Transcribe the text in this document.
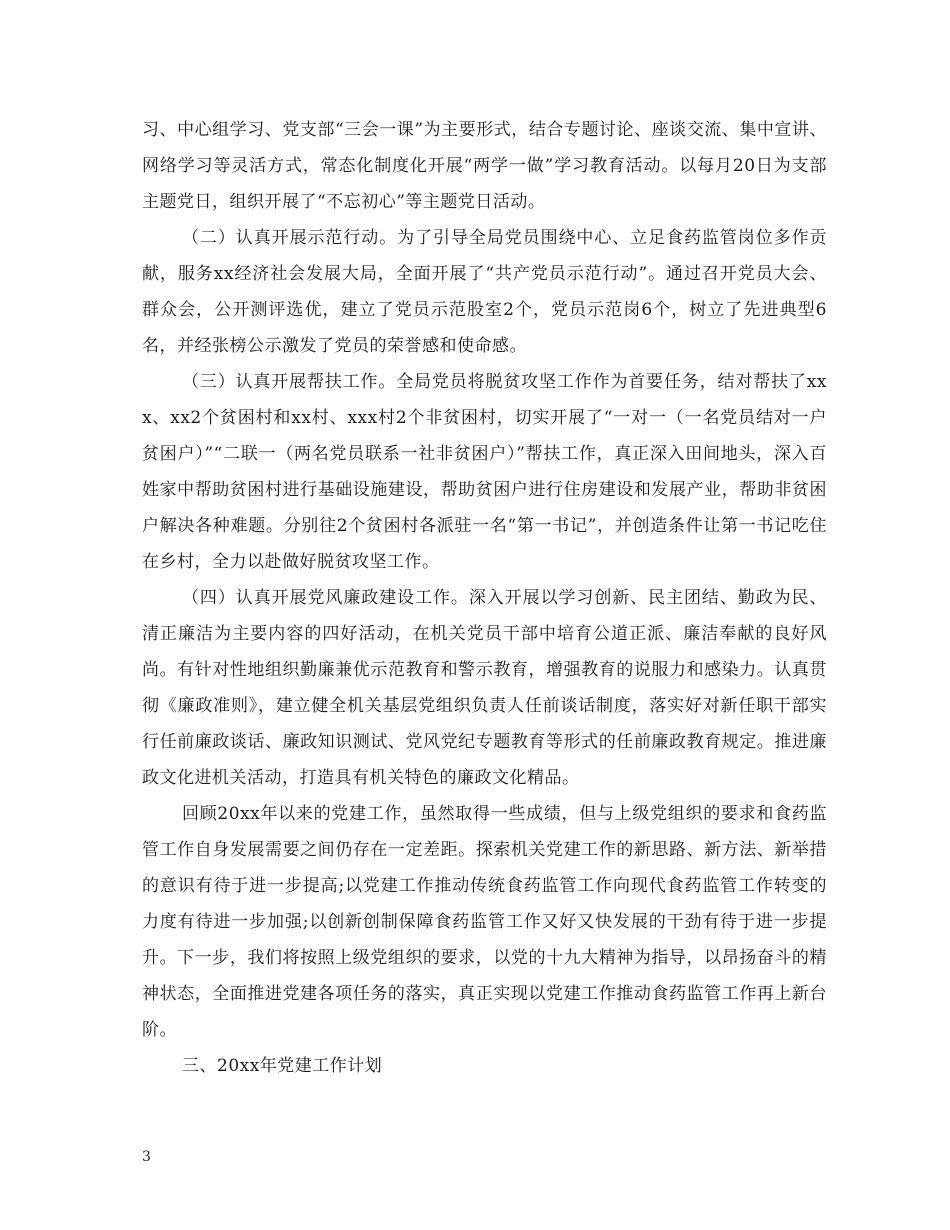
习、中心组学习、党支部“三会一课”为主要形式，结合专题讨论、座谈交流、集中宣讲、网络学习等灵活方式，常态化制度化开展“两学一做”学习教育活动。以每月20日为支部主题党日，组织开展了“不忘初心”等主题党日活动。

（二）认真开展示范行动。为了引导全局党员围绕中心、立足食药监管岗位多作贡献，服务xx经济社会发展大局，全面开展了“共产党员示范行动”。通过召开党员大会、群众会，公开测评选优，建立了党员示范股室2个，党员示范岗6个，树立了先进典型6名，并经张榜公示激发了党员的荣誉感和使命感。

（三）认真开展帮扶工作。全局党员将脱贫攻坚工作作为首要任务，结对帮扶了xxx、xx2个贫困村和xx村、xxx村2个非贫困村，切实开展了“一对一（一名党员结对一户贫困户）”“二联一（两名党员联系一社非贫困户）”帮扶工作，真正深入田间地头，深入百姓家中帮助贫困村进行基础设施建设，帮助贫困户进行住房建设和发展产业，帮助非贫困户解决各种难题。分别往2个贫困村各派驻一名“第一书记”，并创造条件让第一书记吃住在乡村，全力以赴做好脱贫攻坚工作。

（四）认真开展党风廉政建设工作。深入开展以学习创新、民主团结、勤政为民、清正廉洁为主要内容的四好活动，在机关党员干部中培育公道正派、廉洁奉献的良好风尚。有针对性地组织勤廉兼优示范教育和警示教育，增强教育的说服力和感染力。认真贯彻《廉政准则》，建立健全机关基层党组织负责人任前谈话制度，落实好对新任职干部实行任前廉政谈话、廉政知识测试、党风党纪专题教育等形式的任前廉政教育规定。推进廉政文化进机关活动，打造具有机关特色的廉政文化精品。

回顾20xx年以来的党建工作，虽然取得一些成绩，但与上级党组织的要求和食药监管工作自身发展需要之间仍存在一定差距。探索机关党建工作的新思路、新方法、新举措的意识有待于进一步提高;以党建工作推动传统食药监管工作向现代食药监管工作转变的力度有待进一步加强;以创新创制保障食药监管工作又好又快发展的干劲有待于进一步提升。下一步，我们将按照上级党组织的要求，以党的十九大精神为指导，以昂扬奋斗的精神状态，全面推进党建各项任务的落实，真正实现以党建工作推动食药监管工作再上新台阶。

三、20xx年党建工作计划

3
